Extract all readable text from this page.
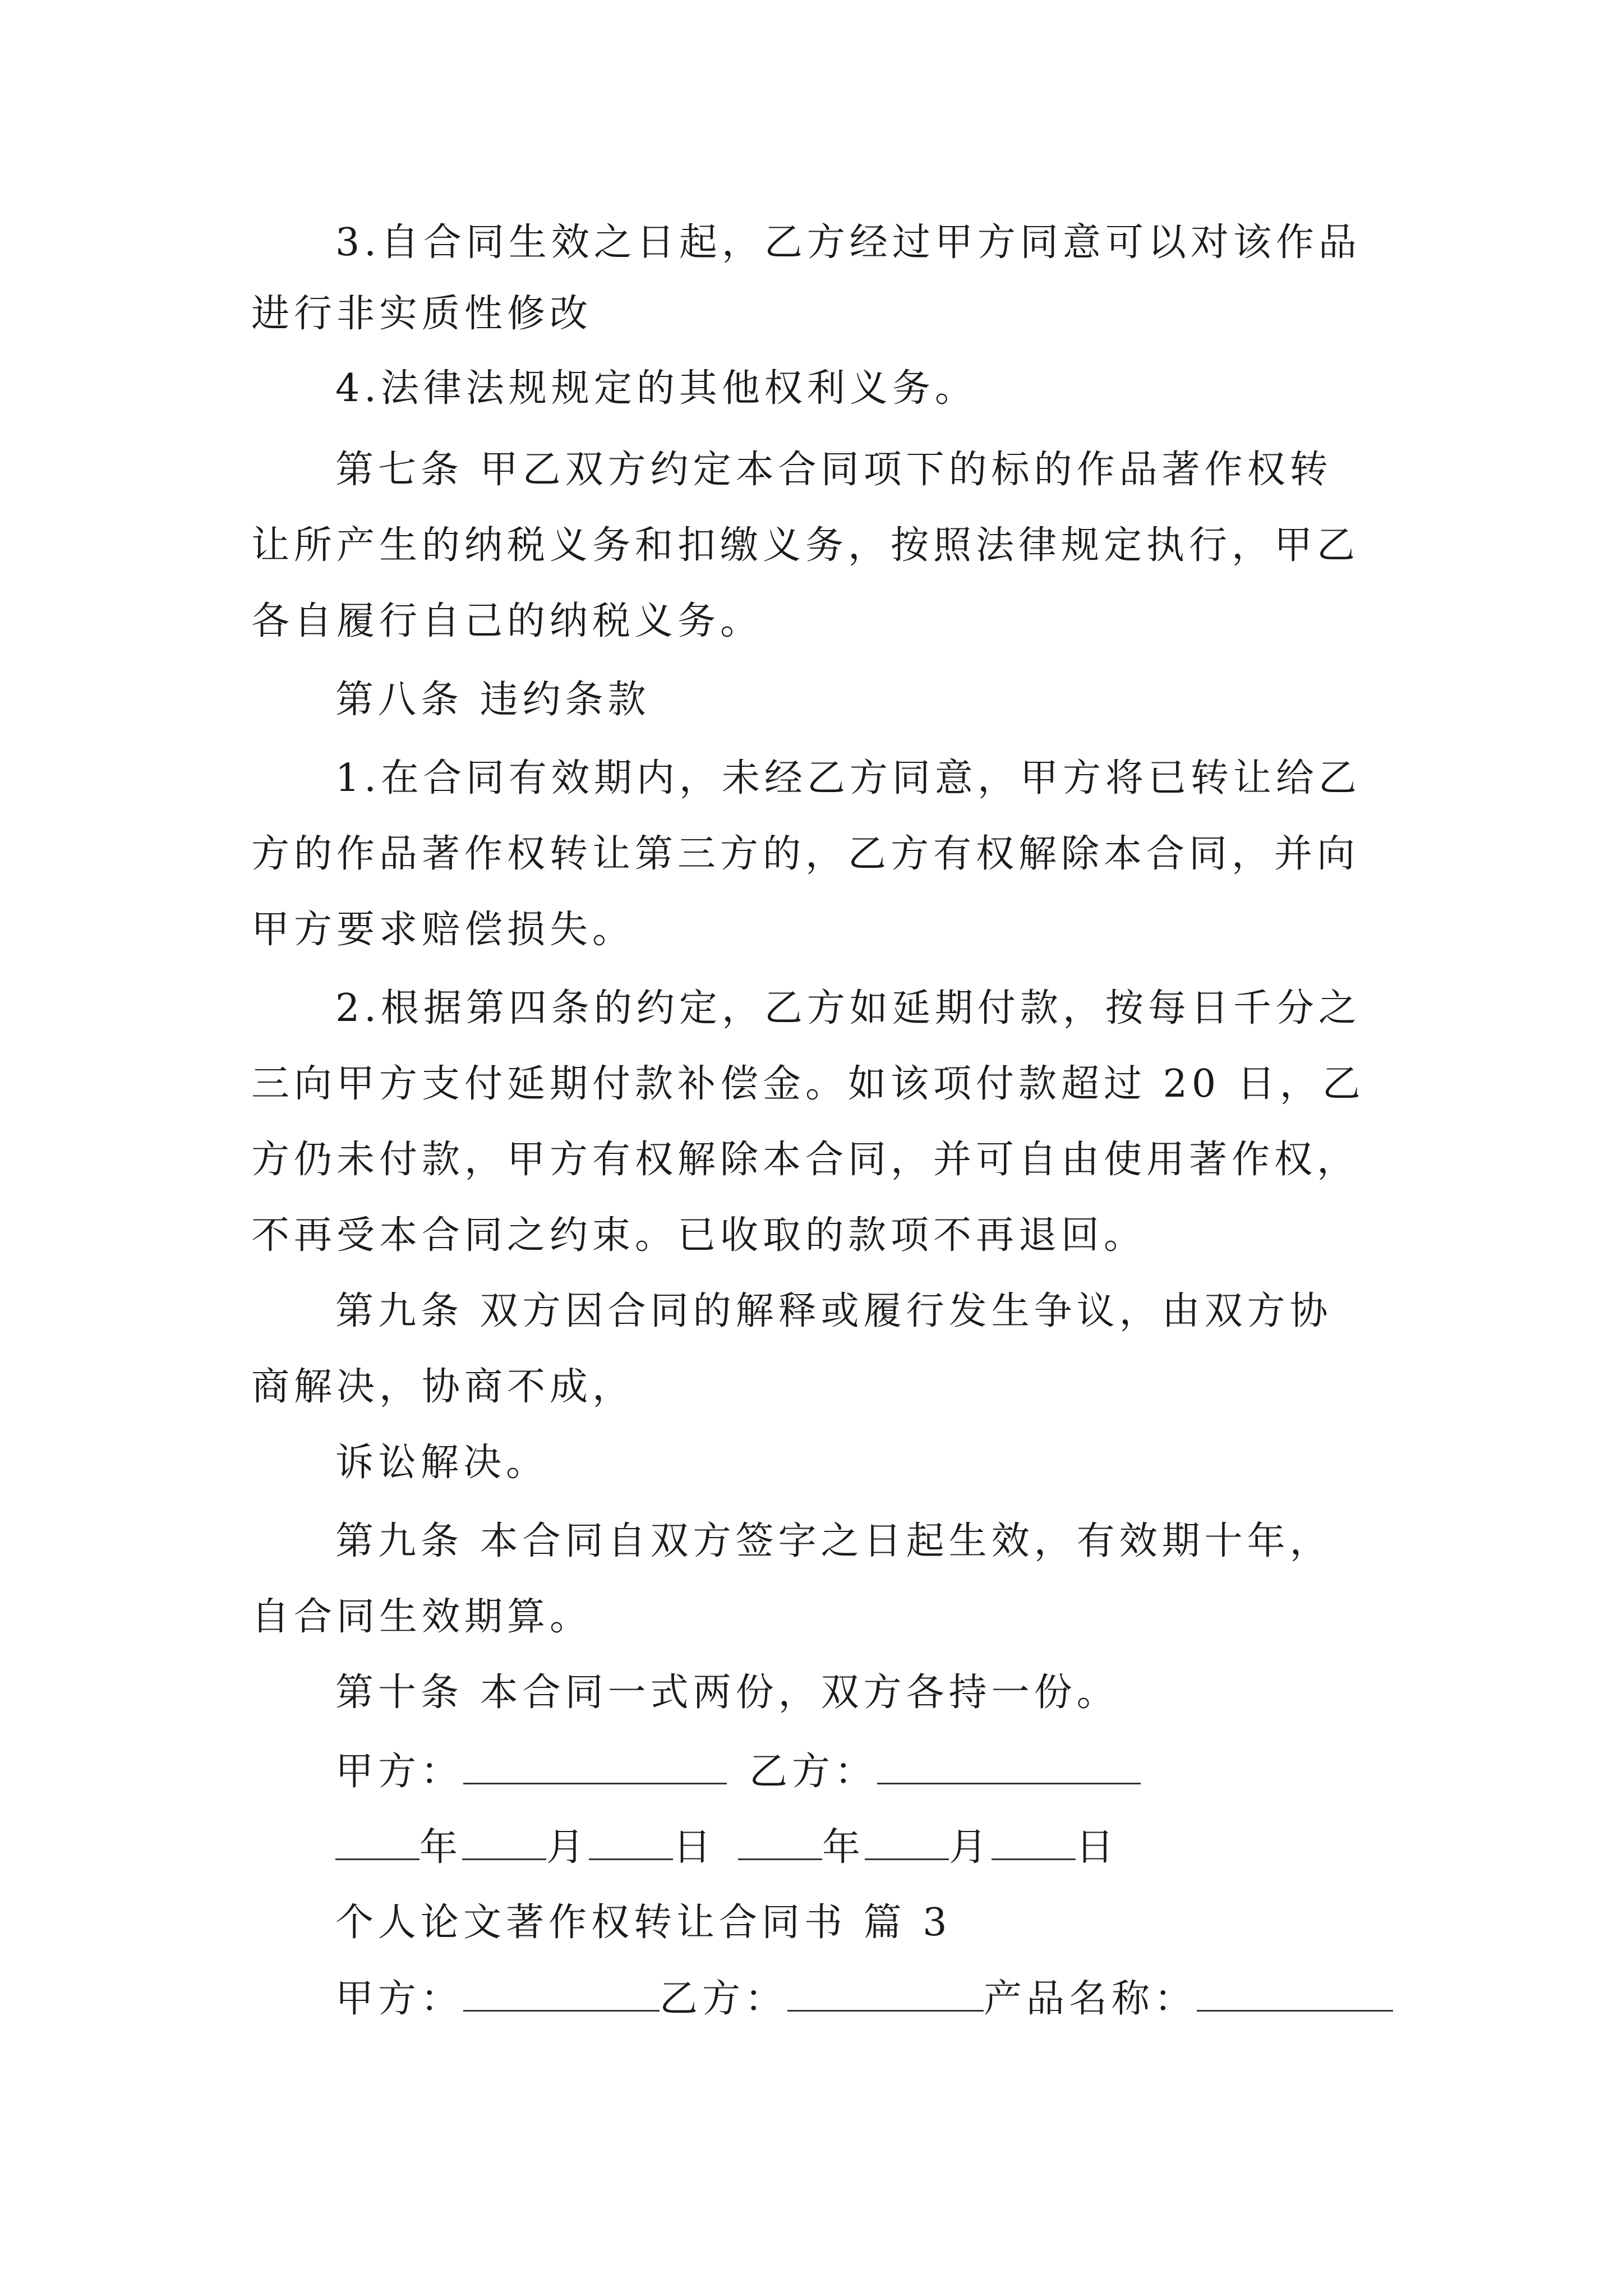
3.自合同生效之日起，乙方经过甲方同意可以对该作品
进行非实质性修改
4.法律法规规定的其他权利义务。
第七条 甲乙双方约定本合同项下的标的作品著作权转
让所产生的纳税义务和扣缴义务，按照法律规定执行，甲乙
各自履行自己的纳税义务。
第八条 违约条款
1.在合同有效期内，未经乙方同意，甲方将已转让给乙
方的作品著作权转让第三方的，乙方有权解除本合同，并向
甲方要求赔偿损失。
2.根据第四条的约定，乙方如延期付款，按每日千分之
三向甲方支付延期付款补偿金。如该项付款超过 20 日，乙
方仍未付款，甲方有权解除本合同，并可自由使用著作权，
不再受本合同之约束。已收取的款项不再退回。
第九条 双方因合同的解释或履行发生争议，由双方协
商解决，协商不成，
诉讼解决。
第九条 本合同自双方签字之日起生效，有效期十年，
自合同生效期算。
第十条 本合同一式两份，双方各持一份。
甲方：	乙方：
年 月 日	年 月 日
个人论文著作权转让合同书 篇 3
甲方：	乙方：	产品名称：
